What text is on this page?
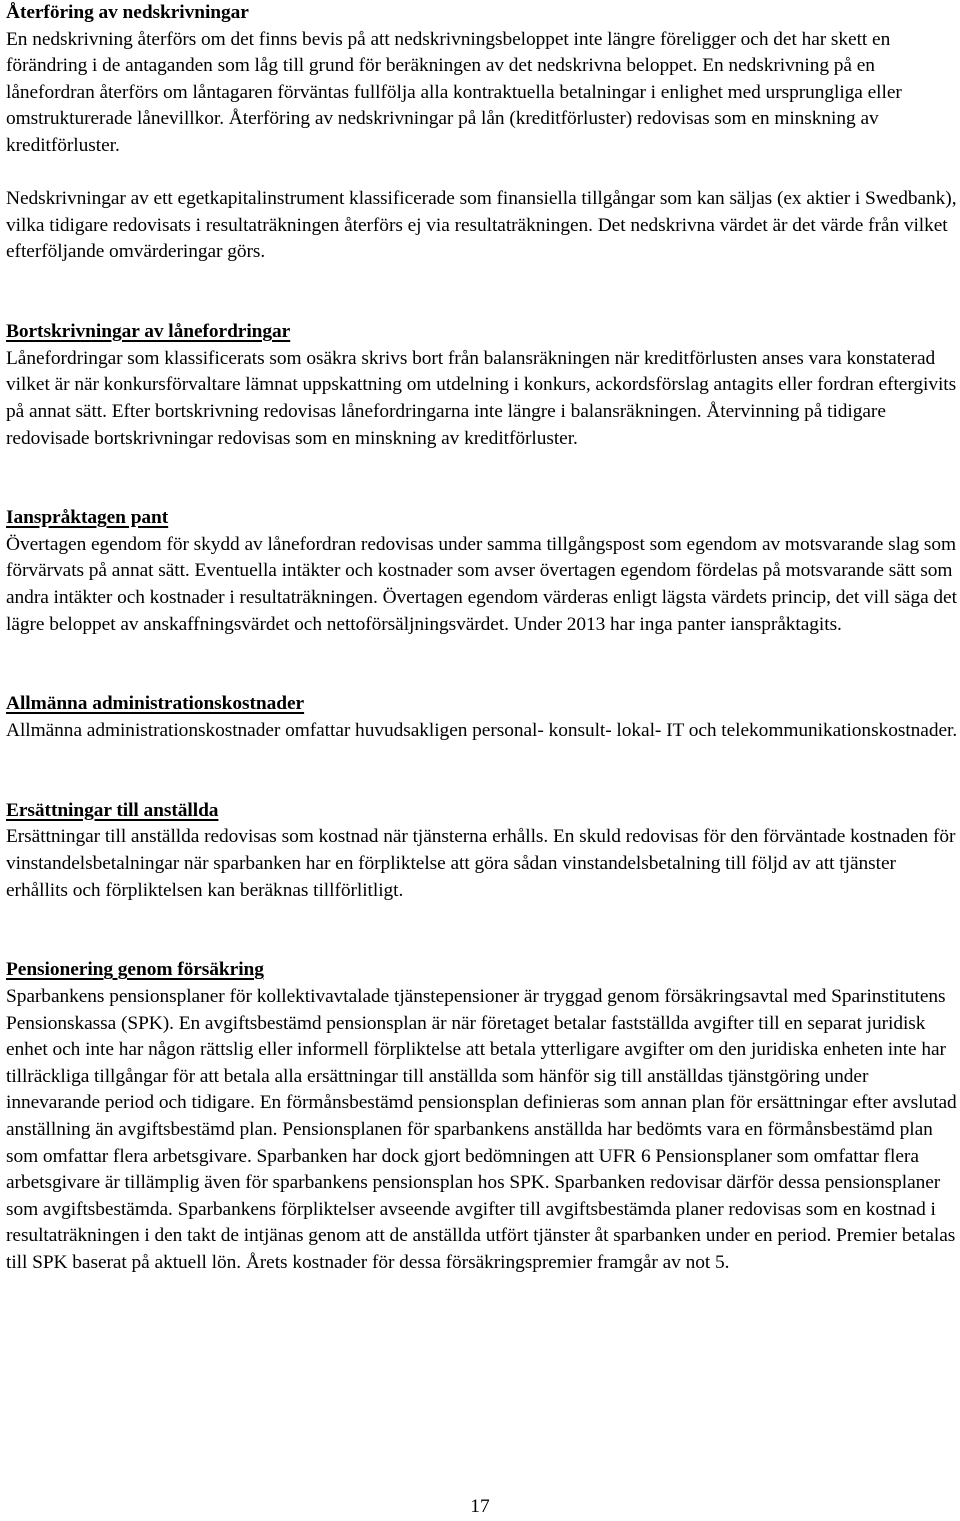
Återföring av nedskrivningar

En nedskrivning återförs om det finns bevis på att nedskrivningsbeloppet inte längre föreligger och det har skett en förändring i de antaganden som låg till grund för beräkningen av det nedskrivna beloppet. En nedskrivning på en lånefordran återförs om låntagaren förväntas fullfölja alla kontraktuella betalningar i enlighet med ursprungliga eller omstrukturerade lånevillkor. Återföring av nedskrivningar på lån (kreditförluster) redovisas som en minskning av kreditförluster.

Nedskrivningar av ett egetkapitalinstrument klassificerade som finansiella tillgångar som kan säljas (ex aktier i Swedbank), vilka tidigare redovisats i resultaträkningen återförs ej via resultaträkningen. Det nedskrivna värdet är det värde från vilket efterföljande omvärderingar görs.

Bortskrivningar av lånefordringar

Lånefordringar som klassificerats som osäkra skrivs bort från balansräkningen när kreditförlusten anses vara konstaterad vilket är när konkursförvaltare lämnat uppskattning om utdelning i konkurs, ackordsförslag antagits eller fordran eftergivits på annat sätt. Efter bortskrivning redovisas lånefordringarna inte längre i balansräkningen. Återvinning på tidigare redovisade bortskrivningar redovisas som en minskning av kreditförluster.

Ianspråktagen pant

Övertagen egendom för skydd av lånefordran redovisas under samma tillgångspost som egendom av motsvarande slag som förvärvats på annat sätt. Eventuella intäkter och kostnader som avser övertagen egendom fördelas på motsvarande sätt som andra intäkter och kostnader i resultaträkningen. Övertagen egendom värderas enligt lägsta värdets princip, det vill säga det lägre beloppet av anskaffningsvärdet och nettoförsäljningsvärdet. Under 2013 har inga panter ianspråktagits.

Allmänna administrationskostnader

Allmänna administrationskostnader omfattar huvudsakligen personal- konsult- lokal- IT och telekommunikationskostnader.

Ersättningar till anställda

Ersättningar till anställda redovisas som kostnad när tjänsterna erhålls. En skuld redovisas för den förväntade kostnaden för vinstandelsbetalningar när sparbanken har en förpliktelse att göra sådan vinstandelsbetalning till följd av att tjänster erhållits och förpliktelsen kan beräknas tillförlitligt.

Pensionering genom försäkring

Sparbankens pensionsplaner för kollektivavtalade tjänstepensioner är tryggad genom försäkringsavtal med Sparinstitutens Pensionskassa (SPK). En avgiftsbestämd pensionsplan är när företaget betalar fastställda avgifter till en separat juridisk enhet och inte har någon rättslig eller informell förpliktelse att betala ytterligare avgifter om den juridiska enheten inte har tillräckliga tillgångar för att betala alla ersättningar till anställda som hänför sig till anställdas tjänstgöring under innevarande period och tidigare. En förmånsbestämd pensionsplan definieras som annan plan för ersättningar efter avslutad anställning än avgiftsbestämd plan. Pensionsplanen för sparbankens anställda har bedömts vara en förmånsbestämd plan som omfattar flera arbetsgivare. Sparbanken har dock gjort bedömningen att UFR 6 Pensionsplaner som omfattar flera arbetsgivare är tillämplig även för sparbankens pensionsplan hos SPK. Sparbanken redovisar därför dessa pensionsplaner som avgiftsbestämda. Sparbankens förpliktelser avseende avgifter till avgiftsbestämda planer redovisas som en kostnad i resultaträkningen i den takt de intjänas genom att de anställda utfört tjänster åt sparbanken under en period. Premier betalas till SPK baserat på aktuell lön. Årets kostnader för dessa försäkringspremier framgår av not 5.

17
